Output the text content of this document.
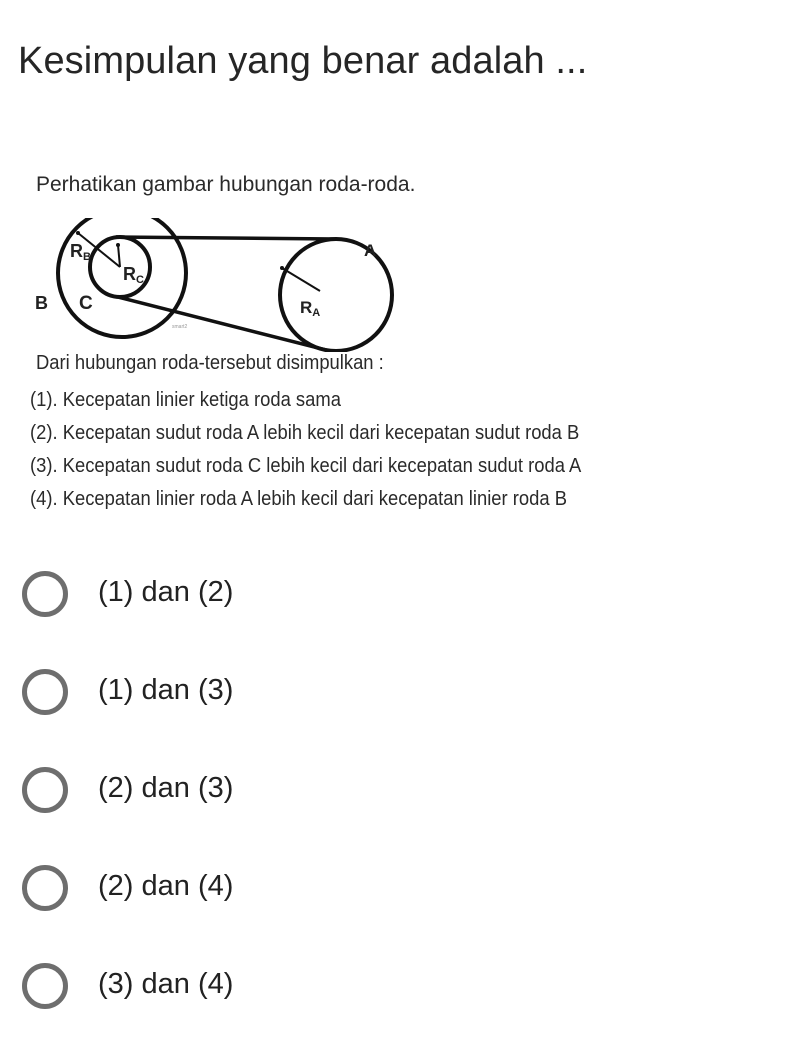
Kesimpulan yang benar adalah ...
Perhatikan gambar hubungan roda-roda.
RB
RC
B C
A
RA
smart2
Dari hubungan roda-tersebut disimpulkan :
(1). Kecepatan linier ketiga roda sama
(2). Kecepatan sudut roda A lebih kecil dari kecepatan sudut roda B
(3). Kecepatan sudut roda C lebih kecil dari kecepatan sudut roda A
(4). Kecepatan linier roda A lebih kecil dari kecepatan linier roda B
(1) dan (2)
(1) dan (3)
(2) dan (3)
(2) dan (4)
(3) dan (4)
